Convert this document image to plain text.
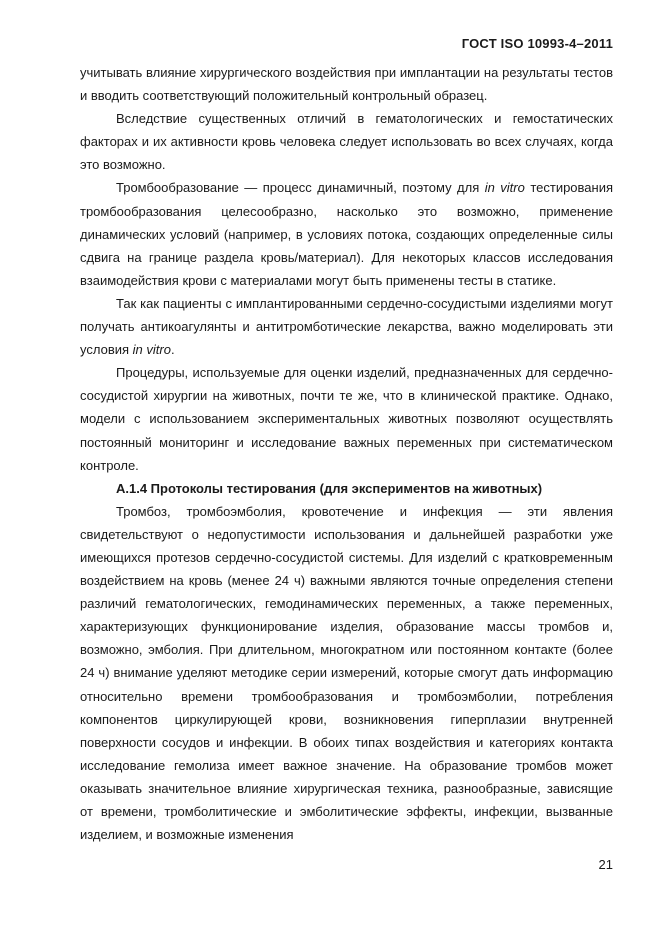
ГОСТ ISO 10993-4–2011

учитывать влияние хирургического воздействия при имплантации на результаты тестов и вводить соответствующий положительный контрольный образец.

Вследствие существенных отличий в гематологических и гемостатических факторах и их активности кровь человека следует использовать во всех случаях, когда это возможно.

Тромбообразование — процесс динамичный, поэтому для in vitro тестирования тромбообразования целесообразно, насколько это возможно, применение динамических условий (например, в условиях потока, создающих определенные силы сдвига на границе раздела кровь/материал). Для некоторых классов исследования взаимодействия крови с материалами могут быть применены тесты в статике.

Так как пациенты с имплантированными сердечно-сосудистыми изделиями могут получать антикоагулянты и антитромботические лекарства, важно моделировать эти условия in vitro.

Процедуры, используемые для оценки изделий, предназначенных для сердечно-сосудистой хирургии на животных, почти те же, что в клинической практике. Однако, модели с использованием экспериментальных животных позволяют осуществлять постоянный мониторинг и исследование важных переменных при систематическом контроле.

А.1.4 Протоколы тестирования (для экспериментов на животных)

Тромбоз, тромбоэмболия, кровотечение и инфекция — эти явления свидетельствуют о недопустимости использования и дальнейшей разработки уже имеющихся протезов сердечно-сосудистой системы. Для изделий с кратковременным воздействием на кровь (менее 24 ч) важными являются точные определения степени различий гематологических, гемодинамических переменных, а также переменных, характеризующих функционирование изделия, образование массы тромбов и, возможно, эмболия. При длительном, многократном или постоянном контакте (более 24 ч) внимание уделяют методике серии измерений, которые смогут дать информацию относительно времени тромбообразования и тромбоэмболии, потребления компонентов циркулирующей крови, возникновения гиперплазии внутренней поверхности сосудов и инфекции. В обоих типах воздействия и категориях контакта исследование гемолиза имеет важное значение. На образование тромбов может оказывать значительное влияние хирургическая техника, разнообразные, зависящие от времени, тромболитические и эмболитические эффекты, инфекции, вызванные изделием, и возможные изменения

21
